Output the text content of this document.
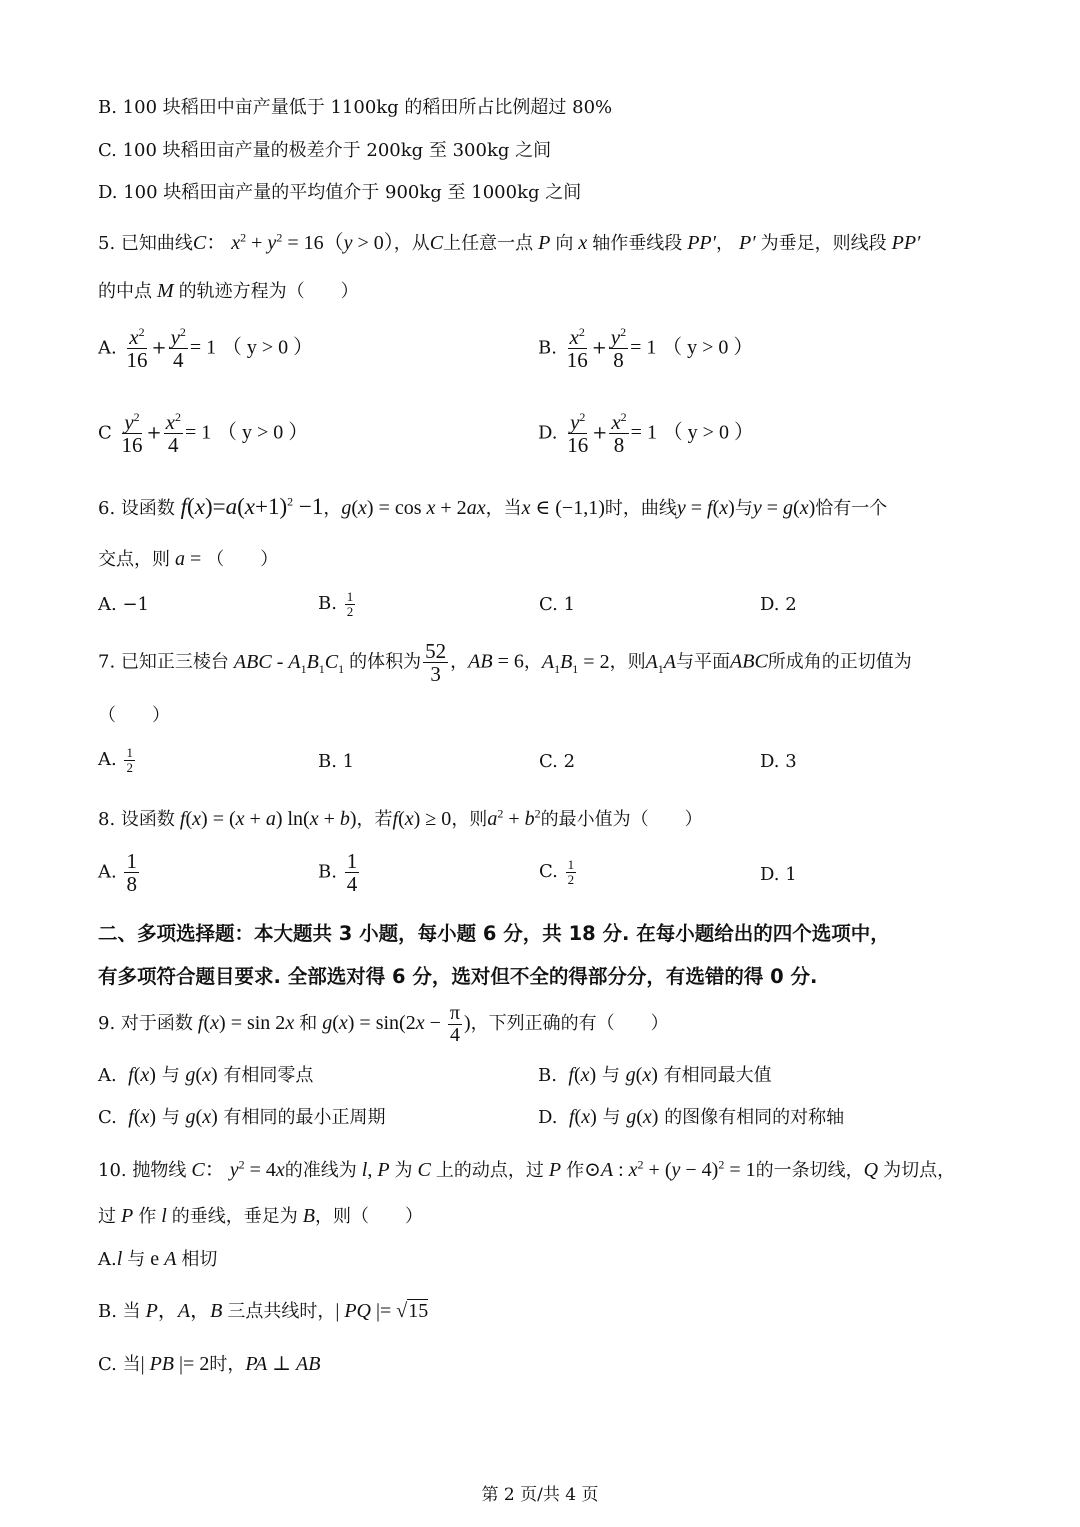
B. 100 块稻田中亩产量低于 1100kg 的稻田所占比例超过 80%
C. 100 块稻田亩产量的极差介于 200kg 至 300kg 之间
D. 100 块稻田亩产量的平均值介于 900kg 至 1000kg 之间
5. 已知曲线C： $x^2 + y^2 = 16(y > 0)$，从C上任意一点 P 向 x 轴作垂线段 PP′， P′ 为垂足，则线段 PP′
的中点 M 的轨迹方程为（　　）
A. $\frac{x^2}{16} + \frac{y^2}{4} = 1$ （ y > 0 ）	B. $\frac{x^2}{16} + \frac{y^2}{8} = 1$ （ y > 0 ）
C $\frac{y^2}{16} + \frac{x^2}{4} = 1$ （ y > 0 ）	D. $\frac{y^2}{16} + \frac{x^2}{8} = 1$ （ y > 0 ）
6. 设函数 $f(x)=a(x+1)^2 -1$，g(x) = cos x + 2ax，当x ∈ (−1,1)时，曲线y = f(x)与y = g(x)恰有一个
交点，则 a = （　　）
A. −1	B. $\frac{1}{2}$	C. 1	D. 2
7. 已知正三棱台 ABC - $A_1B_1C_1$ 的体积为 $\frac{52}{3}$ ，AB = 6，$A_1B_1 = 2$，则$A_1A$与平面ABC所成角的正切值为
（　　）
A. $\frac{1}{2}$	B. 1	C. 2	D. 3
8. 设函数 f(x) = (x + a) ln(x + b)，若f(x) ≥ 0，则$a^2 + b^2$的最小值为（　　）
A. $\frac{1}{8}$	B. $\frac{1}{4}$	C. $\frac{1}{2}$	D. 1
二、多项选择题：本大题共 3 小题，每小题 6 分，共 18 分. 在每小题给出的四个选项中，
有多项符合题目要求. 全部选对得 6 分，选对但不全的得部分分，有选错的得 0 分.
9. 对于函数 f(x) = sin 2x 和 $g(x) = \sin(2x - \frac{\pi}{4}$ )，下列正确的有（　　）
A.  f(x) 与 g(x) 有相同零点	B.  f(x) 与 g(x) 有相同最大值
C.  f(x) 与 g(x) 有相同的最小正周期	D.  f(x) 与 g(x) 的图像有相同的对称轴
10. 抛物线 C： $y^2 = 4x$的准线为 l, P 为 C 上的动点，过 P 作⊙A : $x^2 + (y - 4)^2 = 1$的一条切线，Q 为切点，
过 P 作 l 的垂线，垂足为 B，则（　　）
A.l 与 e A 相切
B. 当 P，A，B 三点共线时，| PQ |= √15
C. 当| PB |= 2时，PA ⊥ AB
第 2 页/共 4 页
